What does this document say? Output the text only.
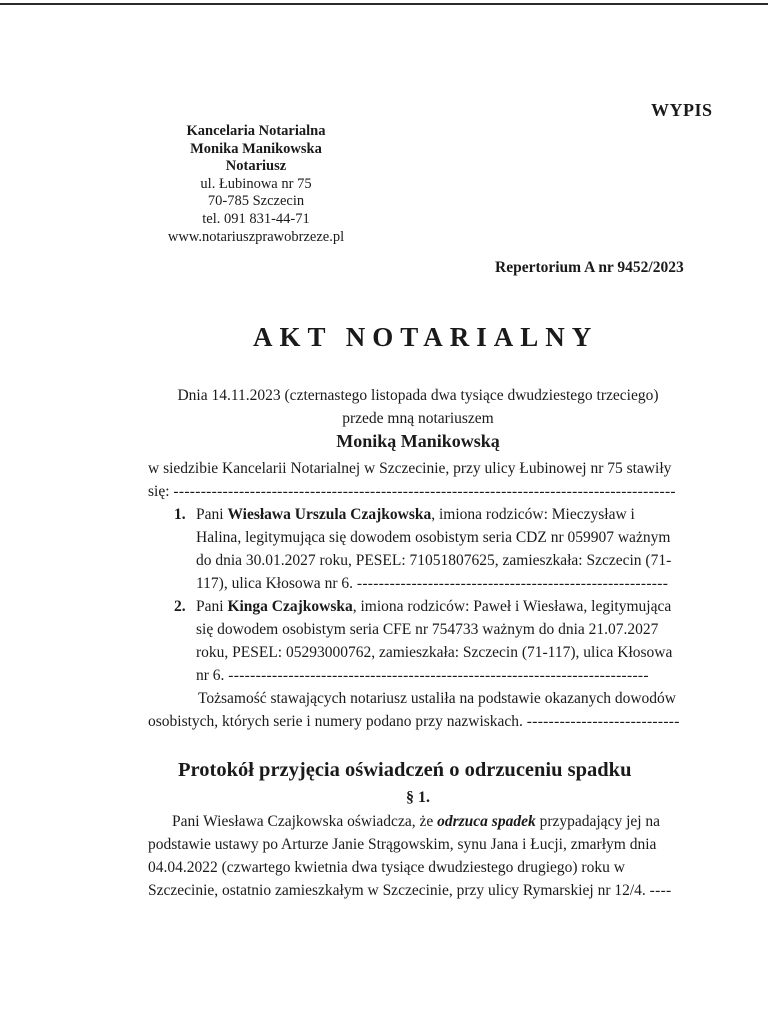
WYPIS
Kancelaria Notarialna
Monika Manikowska
Notariusz
ul. Łubinowa nr 75
70-785 Szczecin
tel. 091 831-44-71
www.notariuszprawobrzeze.pl
Repertorium A nr 9452/2023
AKT NOTARIALNY
Dnia 14.11.2023 (czternastego listopada dwa tysiące dwudziestego trzeciego)
przede mną notariuszem
Moniką Manikowską
w siedzibie Kancelarii Notarialnej w Szczecinie, przy ulicy Łubinowej nr 75 stawiły
się: --------------------------------------------------------------------------------------------
1. Pani Wiesława Urszula Czajkowska, imiona rodziców: Mieczysław i
Halina, legitymująca się dowodem osobistym seria CDZ nr 059907 ważnym
do dnia 30.01.2027 roku, PESEL: 71051807625, zamieszkała: Szczecin (71-
117), ulica Kłosowa nr 6. ---------------------------------------------------------
2. Pani Kinga Czajkowska, imiona rodziców: Paweł i Wiesława, legitymująca
się dowodem osobistym seria CFE nr 754733 ważnym do dnia 21.07.2027
roku, PESEL: 05293000762, zamieszkała: Szczecin (71-117), ulica Kłosowa
nr 6. -----------------------------------------------------------------------------
Tożsamość stawających notariusz ustaliła na podstawie okazanych dowodów
osobistych, których serie i numery podano przy nazwiskach. ----------------------------
Protokół przyjęcia oświadczeń o odrzuceniu spadku
§ 1.
Pani Wiesława Czajkowska oświadcza, że odrzuca spadek przypadający jej na
podstawie ustawy po Arturze Janie Strągowskim, synu Jana i Łucji, zmarłym dnia
04.04.2022 (czwartego kwietnia dwa tysiące dwudziestego drugiego) roku w
Szczecinie, ostatnio zamieszkałym w Szczecinie, przy ulicy Rymarskiej nr 12/4. ----
